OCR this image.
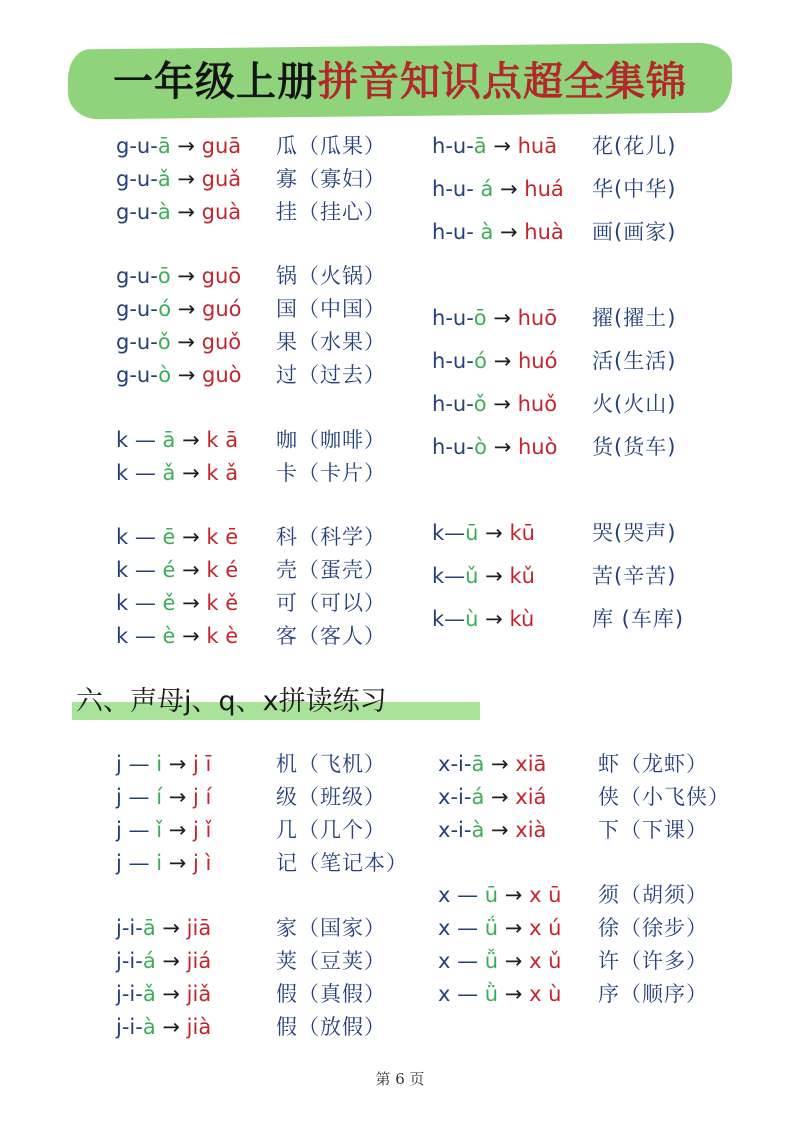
一年级上册拼音知识点超全集锦
六、声母j、q、x拼读练习
g-u-ā → guā	瓜（瓜果）
g-u-ǎ → guǎ	寡（寡妇）
g-u-à → guà	挂（挂心）
g-u-ō → guō	锅（火锅）
g-u-ó → guó	国（中国）
g-u-ǒ → guǒ	果（水果）
g-u-ò → guò	过（过去）
k — ā → k ā	咖（咖啡）
k — ǎ → k ǎ	卡（卡片）
k — ē → k ē	科（科学）
k — é → k é	壳（蛋壳）
k — ě → k ě	可（可以）
k — è → k è	客（客人）
h-u-ā → huā	花(花儿)
h-u- á → huá	华(中华)
h-u- à → huà	画(画家)
h-u-ō → huō	擢(擢土)
h-u-ó → huó	活(生活)
h-u-ǒ → huǒ	火(火山)
h-u-ò → huò	货(货车)
k—ū → kū	哭(哭声)
k—ǔ → kǔ	苦(辛苦)
k—ù → kù	库 (车库)
j — i → j ī	机（飞机）
j — í → j í	级（班级）
j — ǐ → j ǐ	几（几个）
j — i → j ì	记（笔记本）
j-i-ā → jiā	家（国家）
j-i-á → jiá	荚（豆荚）
j-i-ǎ → jiǎ	假（真假）
j-i-à → jià	假（放假）
x-i-ā → xiā	虾（龙虾）
x-i-á → xiá	侠（小飞侠）
x-i-à → xià	下（下课）
x — ū → x ū	须（胡须）
x — ǘ → x ú	徐（徐步）
x — ǚ → x ǔ	许（许多）
x — ǜ → x ù	序（顺序）
第 6 页
